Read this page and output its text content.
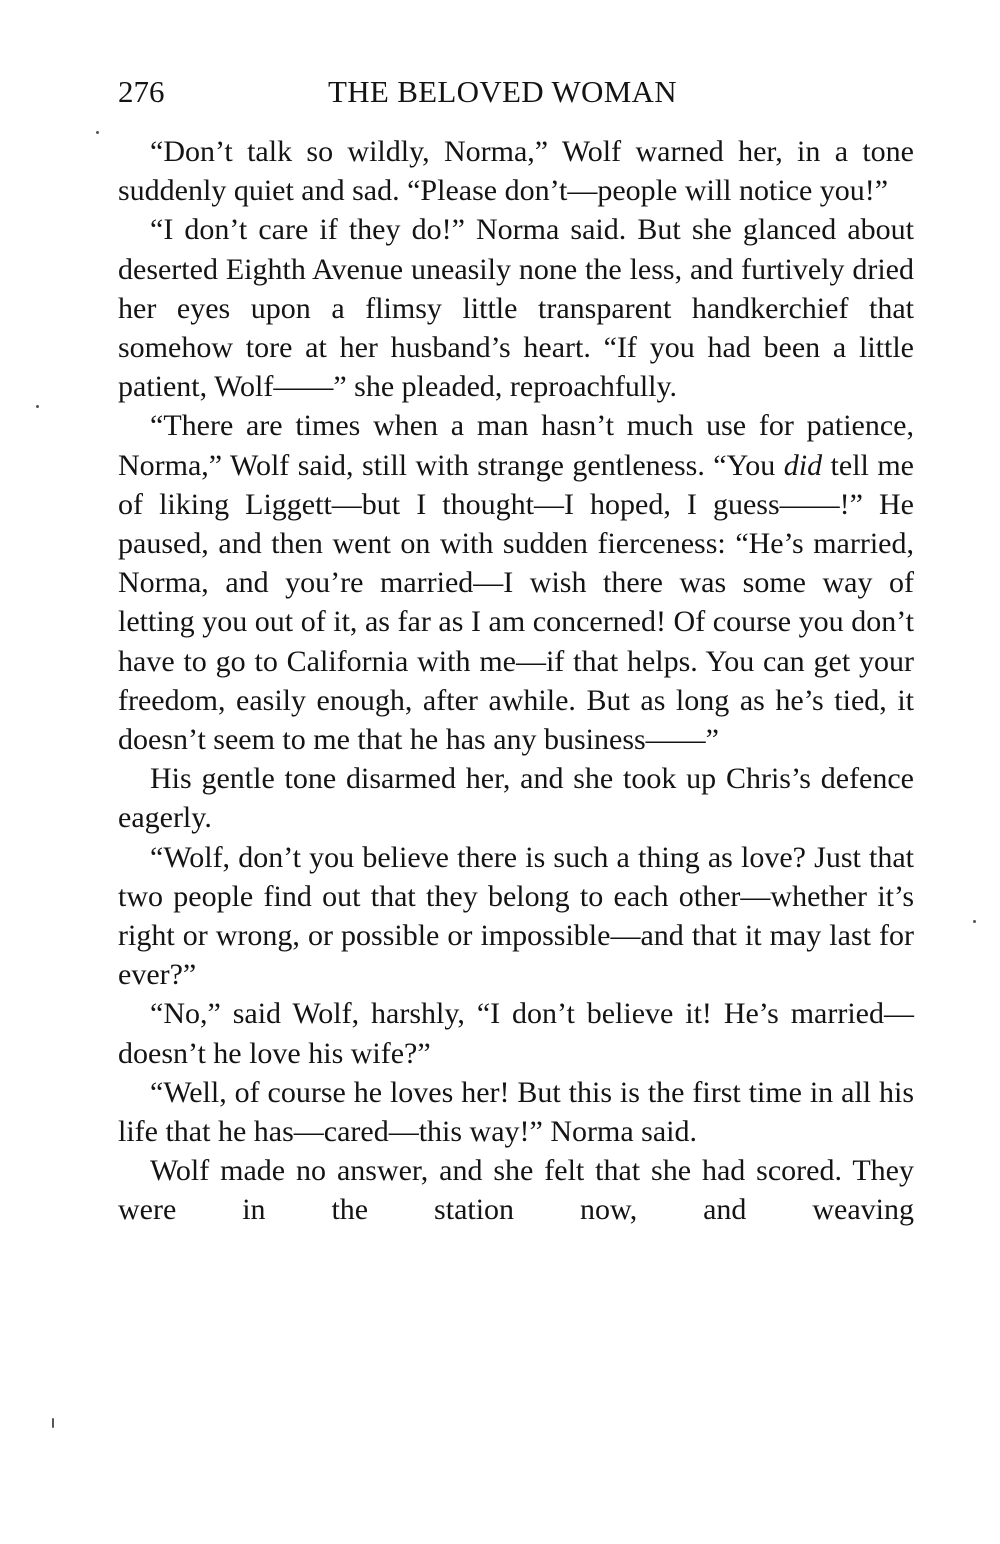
276	THE BELOVED WOMAN

“Don’t talk so wildly, Norma,” Wolf warned her, in a tone suddenly quiet and sad. “Please don’t—people will notice you!”

“I don’t care if they do!” Norma said. But she glanced about deserted Eighth Avenue uneasily none the less, and furtively dried her eyes upon a flimsy little transparent handkerchief that somehow tore at her husband’s heart. “If you had been a little patient, Wolf——” she pleaded, reproachfully.

“There are times when a man hasn’t much use for patience, Norma,” Wolf said, still with strange gentleness. “You did tell me of liking Liggett—but I thought—I hoped, I guess——!” He paused, and then went on with sudden fierceness: “He’s married, Norma, and you’re married—I wish there was some way of letting you out of it, as far as I am concerned! Of course you don’t have to go to California with me—if that helps. You can get your freedom, easily enough, after awhile. But as long as he’s tied, it doesn’t seem to me that he has any business——”

His gentle tone disarmed her, and she took up Chris’s defence eagerly.

“Wolf, don’t you believe there is such a thing as love? Just that two people find out that they belong to each other—whether it’s right or wrong, or possible or impossible—and that it may last for ever?”

“No,” said Wolf, harshly, “I don’t believe it! He’s married—doesn’t he love his wife?”

“Well, of course he loves her! But this is the first time in all his life that he has—cared—this way!” Norma said.

Wolf made no answer, and she felt that she had scored. They were in the station now, and weaving
